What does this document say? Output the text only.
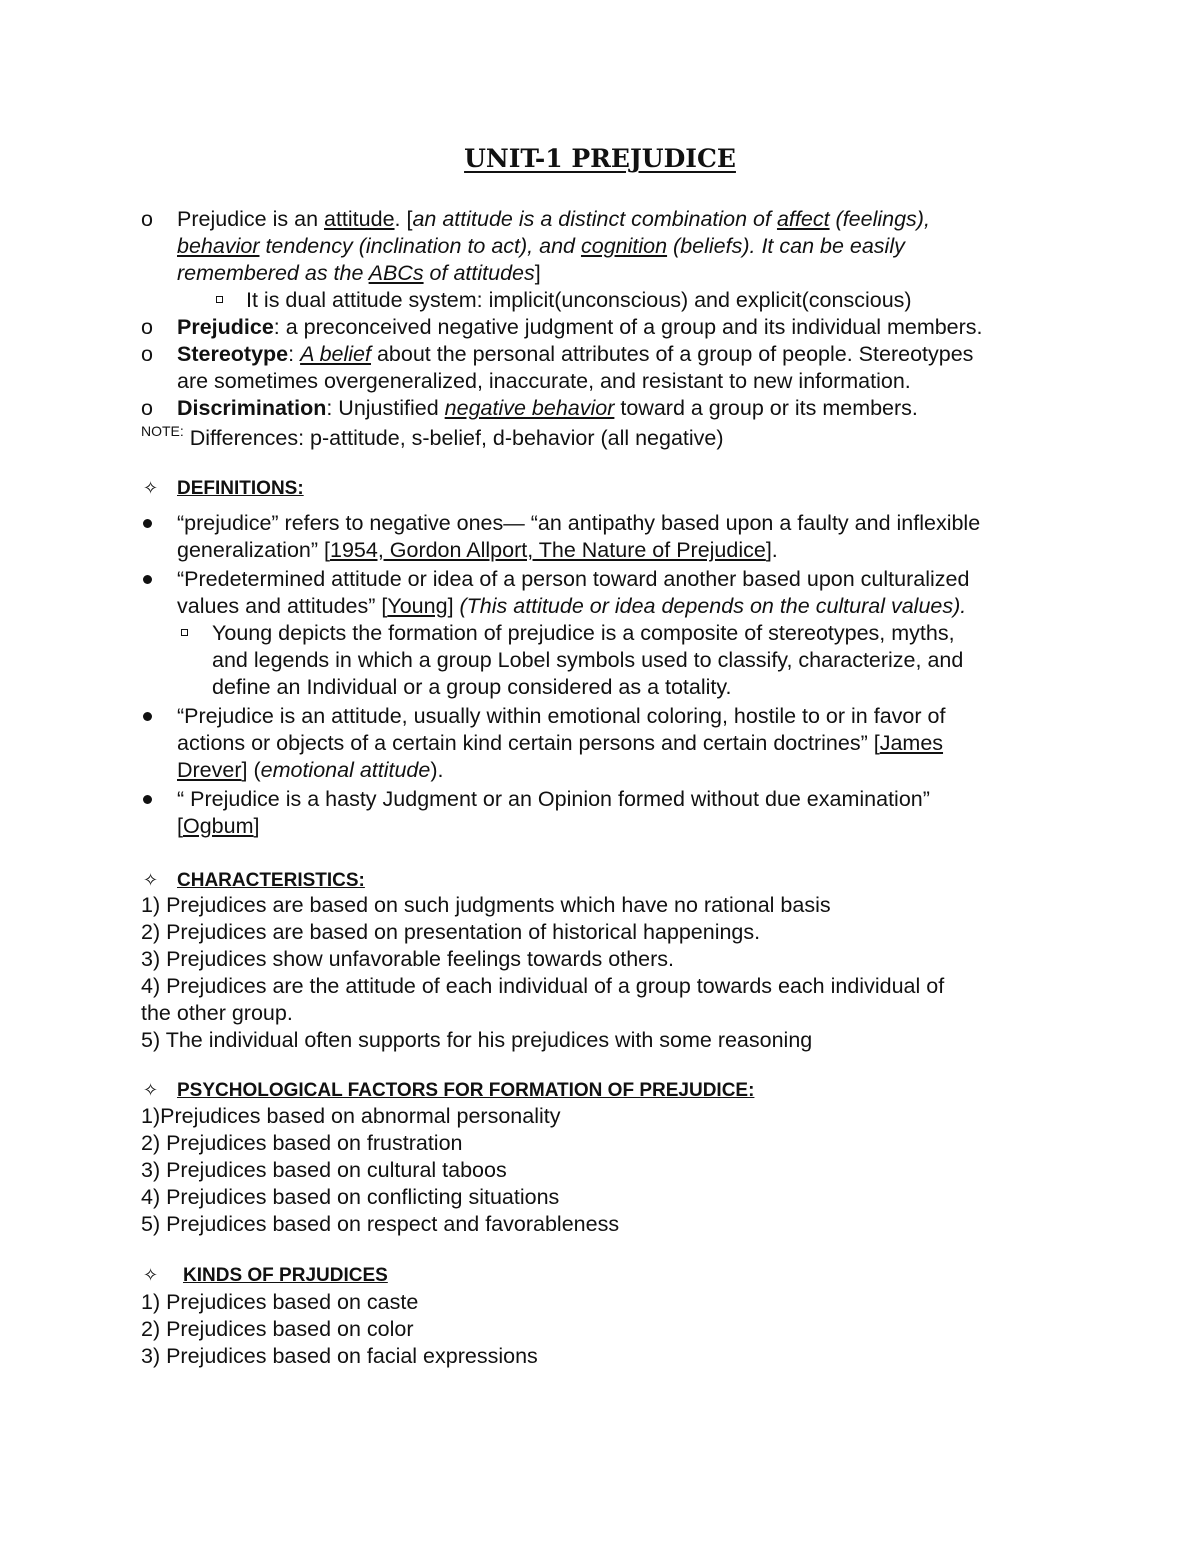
UNIT-1 PREJUDICE
o Prejudice is an attitude. [an attitude is a distinct combination of affect (feelings),
behavior tendency (inclination to act), and cognition (beliefs). It can be easily
remembered as the ABCs of attitudes]
It is dual attitude system: implicit(unconscious) and explicit(conscious)
o Prejudice: a preconceived negative judgment of a group and its individual members.
o Stereotype: A belief about the personal attributes of a group of people. Stereotypes
are sometimes overgeneralized, inaccurate, and resistant to new information.
o Discrimination: Unjustified negative behavior toward a group or its members.
$^{NOTE:}$ Differences: p-attitude, s-belief, d-behavior (all negative)
✧ DEFINITIONS:
“prejudice” refers to negative ones— “an antipathy based upon a faulty and inflexible
generalization” [1954, Gordon Allport, The Nature of Prejudice].
“Predetermined attitude or idea of a person toward another based upon culturalized
values and attitudes” [Young] (This attitude or idea depends on the cultural values).
Young depicts the formation of prejudice is a composite of stereotypes, myths,
and legends in which a group Lobel symbols used to classify, characterize, and
define an Individual or a group considered as a totality.
“Prejudice is an attitude, usually within emotional coloring, hostile to or in favor of
actions or objects of a certain kind certain persons and certain doctrines” [James
Drever] (emotional attitude).
“ Prejudice is a hasty Judgment or an Opinion formed without due examination”
[Ogbum]
✧ CHARACTERISTICS:
1) Prejudices are based on such judgments which have no rational basis
2) Prejudices are based on presentation of historical happenings.
3) Prejudices show unfavorable feelings towards others.
4) Prejudices are the attitude of each individual of a group towards each individual of
the other group.
5) The individual often supports for his prejudices with some reasoning
✧ PSYCHOLOGICAL FACTORS FOR FORMATION OF PREJUDICE:
1)Prejudices based on abnormal personality
2) Prejudices based on frustration
3) Prejudices based on cultural taboos
4) Prejudices based on conflicting situations
5) Prejudices based on respect and favorableness
✧ KINDS OF PRJUDICES
1) Prejudices based on caste
2) Prejudices based on color
3) Prejudices based on facial expressions
